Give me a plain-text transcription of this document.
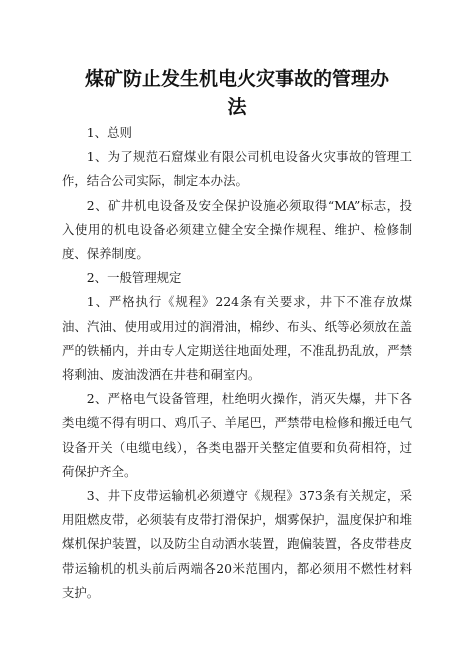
煤矿防止发生机电火灾事故的管理办
法

1、总则

1、为了规范石窟煤业有限公司机电设备火灾事故的管理工作，结合公司实际，制定本办法。

2、矿井机电设备及安全保护设施必须取得“MA”标志，投入使用的机电设备必须建立健全安全操作规程、维护、检修制度、保养制度。

2、一般管理规定

1、严格执行《规程》224条有关要求，井下不准存放煤油、汽油、使用或用过的润滑油，棉纱、布头、纸等必须放在盖严的铁桶内，并由专人定期送往地面处理，不准乱扔乱放，严禁将剩油、废油泼洒在井巷和硐室内。

2、严格电气设备管理，杜绝明火操作，消灭失爆，井下各类电缆不得有明口、鸡爪子、羊尾巴，严禁带电检修和搬迁电气设备开关（电缆电线），各类电器开关整定值要和负荷相符，过荷保护齐全。

3、井下皮带运输机必须遵守《规程》373条有关规定，采用阻燃皮带，必须装有皮带打滑保护，烟雾保护，温度保护和堆煤机保护装置，以及防尘自动洒水装置，跑偏装置，各皮带巷皮带运输机的机头前后两端各20米范围内，都必须用不燃性材料支护。
